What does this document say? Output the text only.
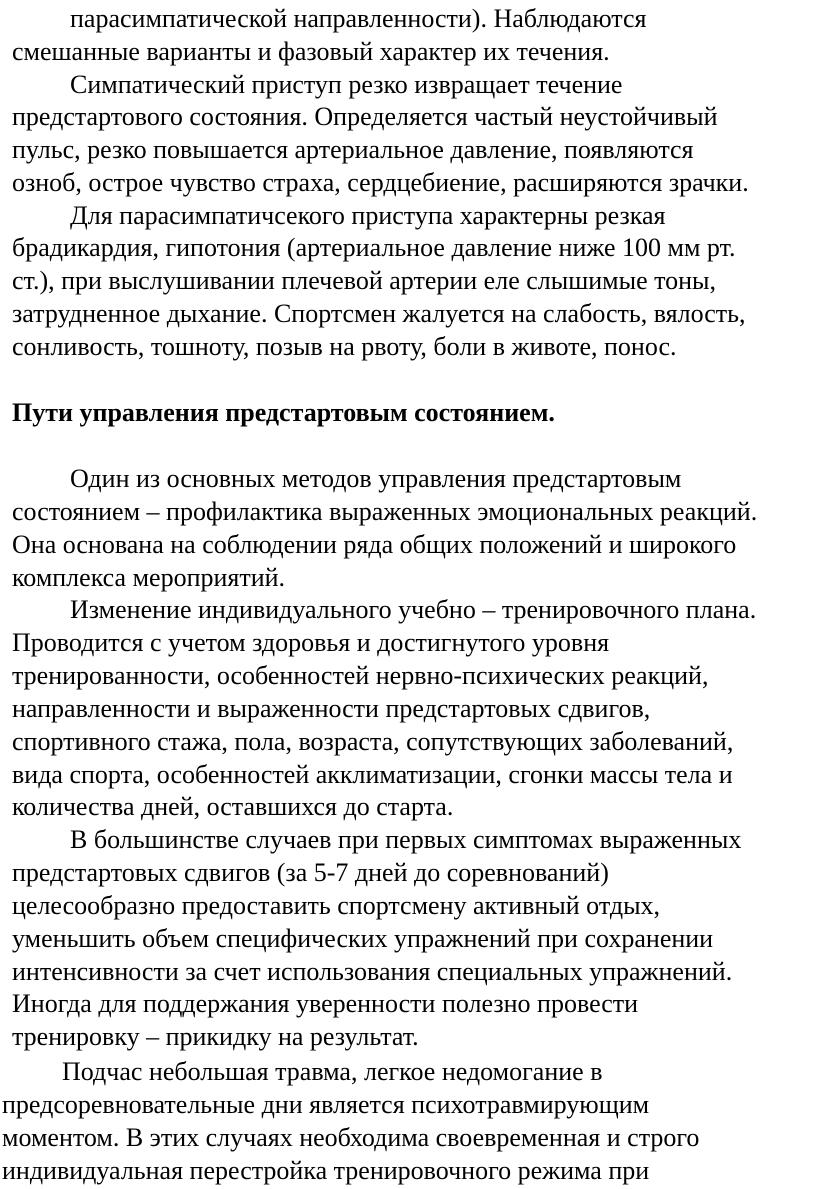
парасимпатической направленности). Наблюдаются
смешанные варианты и фазовый характер их течения.
Симпатический приступ резко извращает течение
предстартового состояния. Определяется частый неустойчивый
пульс, резко повышается артериальное давление, появляются
озноб, острое чувство страха, сердцебиение, расширяются зрачки.
Для парасимпатичсекого приступа характерны резкая
брадикардия, гипотония (артериальное давление ниже 100 мм рт.
ст.), при выслушивании плечевой артерии еле слышимые тоны,
затрудненное дыхание. Спортсмен жалуется на слабость, вялость,
сонливость, тошноту, позыв на рвоту, боли в животе, понос.
Пути управления предстартовым состоянием.
Один из основных методов управления предстартовым
состоянием – профилактика выраженных эмоциональных реакций.
Она основана на соблюдении ряда общих положений и широкого
комплекса мероприятий.
Изменение индивидуального учебно – тренировочного плана.
Проводится с учетом здоровья и достигнутого уровня
тренированности, особенностей нервно-психических реакций,
направленности и выраженности предстартовых сдвигов,
спортивного стажа, пола, возраста, сопутствующих заболеваний,
вида спорта, особенностей акклиматизации, сгонки массы тела и
количества дней, оставшихся до старта.
В большинстве случаев при первых симптомах выраженных
предстартовых сдвигов (за 5-7 дней до соревнований)
целесообразно предоставить спортсмену активный отдых,
уменьшить объем специфических упражнений при сохранении
интенсивности за счет использования специальных упражнений.
Иногда для поддержания уверенности полезно провести
тренировку – прикидку на результат.
Подчас небольшая травма, легкое недомогание в
предсоревновательные дни является психотравмирующим
моментом. В этих случаях необходима своевременная и строго
индивидуальная перестройка тренировочного режима при
